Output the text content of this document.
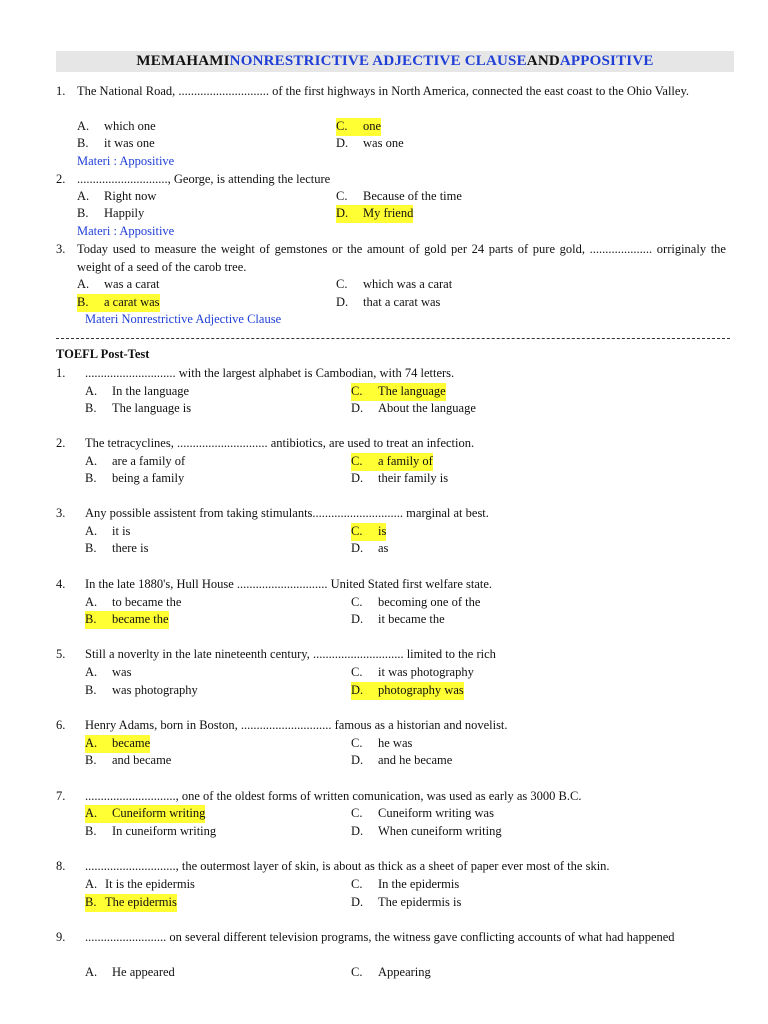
MEMAHAMI NONRESTRICTIVE ADJECTIVE CLAUSE AND APPOSITIVE
1. The National Road, ............................. of the first highways in North America, connected the east coast to the Ohio Valley.
A. which one	C. one
B. it was one	D. was one
Materi : Appositive
2. ............................., George, is attending the lecture
A. Right now	C. Because of the time
B. Happily	D. My friend
Materi : Appositive
3. Today used to measure the weight of gemstones or the amount of gold per 24 parts of pure gold, .................... orriginaly the weight of a seed of the carob tree.
A. was a carat	C. which was a carat
B. a carat was	D. that a carat was
Materi Nonrestrictive Adjective Clause
TOEFL Post-Test
1. ............................. with the largest alphabet is Cambodian, with 74 letters.
A. In the language	C. The language
B. The language is	D. About the language
2. The tetracyclines, ............................. antibiotics, are used to treat an infection.
A. are a family of	C. a family of
B. being a family	D. their family is
3. Any possible assistent from taking stimulants............................. marginal at best.
A. it is	C. is
B. there is	D. as
4. In the late 1880's, Hull House ............................. United Stated first welfare state.
A. to became the	C. becoming one of the
B. became the	D. it became the
5. Still a noverlty in the late nineteenth century, ............................. limited to the rich
A. was	C. it was photography
B. was photography	D. photography was
6. Henry Adams, born in Boston, ............................. famous as a historian and novelist.
A. became	C. he was
B. and became	D. and he became
7. ............................., one of the oldest forms of written comunication, was used as early as 3000 B.C.
A. Cuneiform writing	C. Cuneiform writing was
B. In cuneiform writing	D. When cuneiform writing
8. ............................., the outermost layer of skin, is about as thick as a sheet of paper ever most of the skin.
A. It is the epidermis	C. In the epidermis
B. The epidermis	D. The epidermis is
9. .......................... on several different television programs, the witness gave conflicting accounts of what had happened
A. He appeared	C. Appearing
